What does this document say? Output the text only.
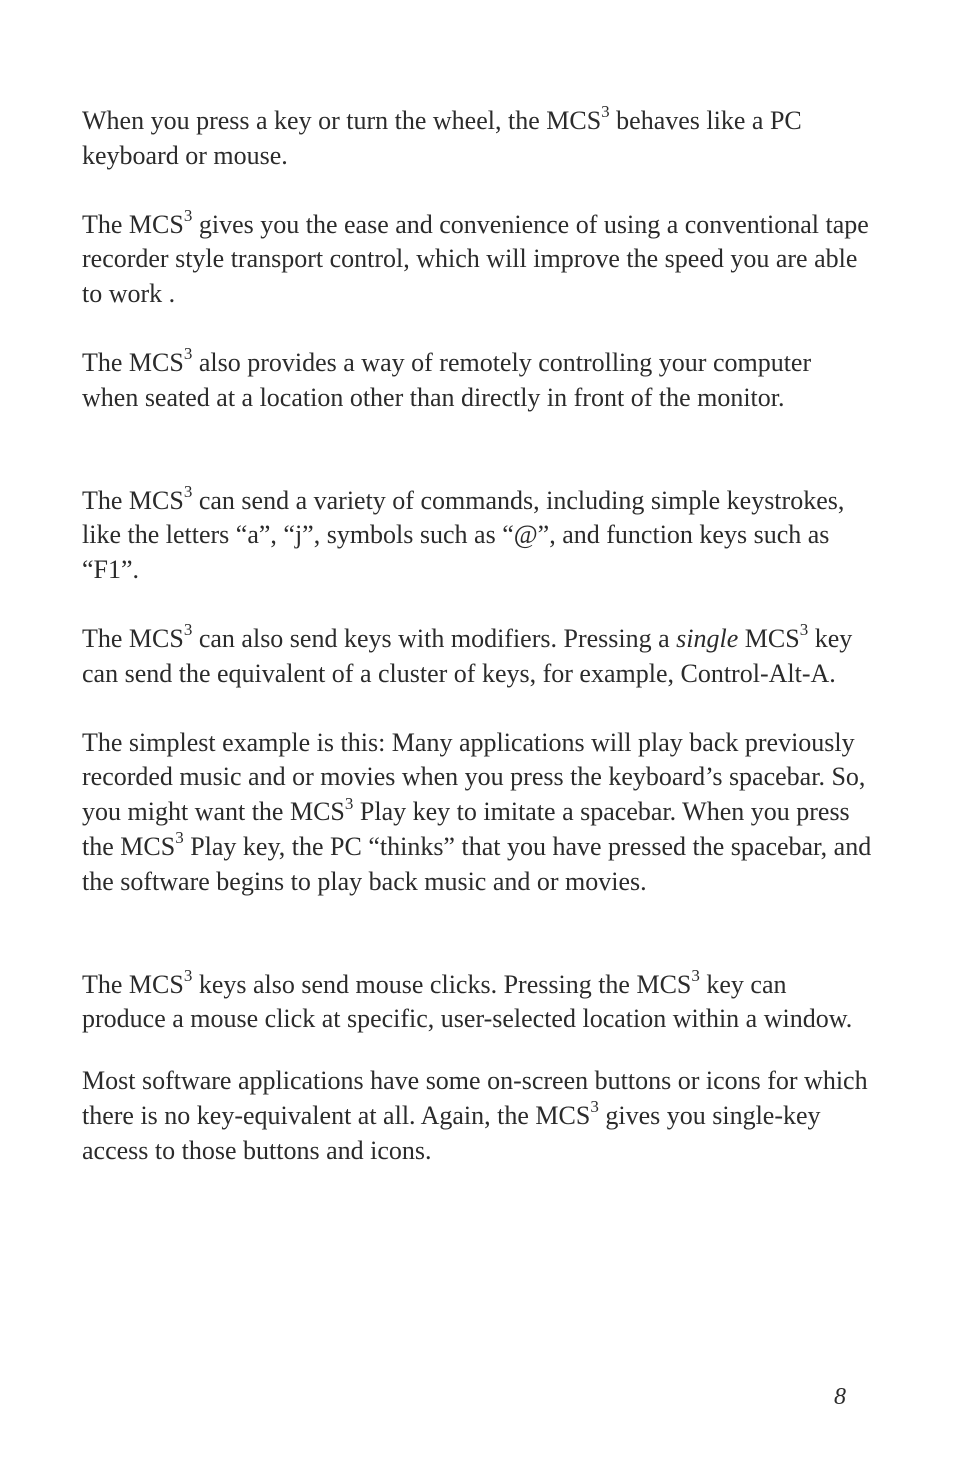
When you press a key or turn the wheel, the MCS$^3$ behaves like a PC keyboard or mouse.

The MCS$^3$ gives you the ease and convenience of using a conventional tape recorder style transport control, which will improve the speed you are able to work .

The MCS$^3$ also provides a way of remotely controlling your computer when seated at a location other than directly in front of the monitor.

The MCS$^3$ can send a variety of commands, including simple keystrokes, like the letters “a”, “j”, symbols such as “@”, and function keys such as “F1”.

The MCS$^3$ can also send keys with modifiers. Pressing a single MCS$^3$ key can send the equivalent of a cluster of keys, for example, Control-Alt-A.

The simplest example is this: Many applications will play back previously recorded music and or movies when you press the keyboard’s spacebar. So, you might want the MCS$^3$ Play key to imitate a spacebar. When you press the MCS$^3$ Play key, the PC “thinks” that you have pressed the spacebar, and the software begins to play back music and or movies.

The MCS$^3$ keys also send mouse clicks. Pressing the MCS$^3$ key can produce a mouse click at specific, user-selected location within a window.

Most software applications have some on-screen buttons or icons for which there is no key-equivalent at all. Again, the MCS$^3$ gives you single-key access to those buttons and icons.

8
